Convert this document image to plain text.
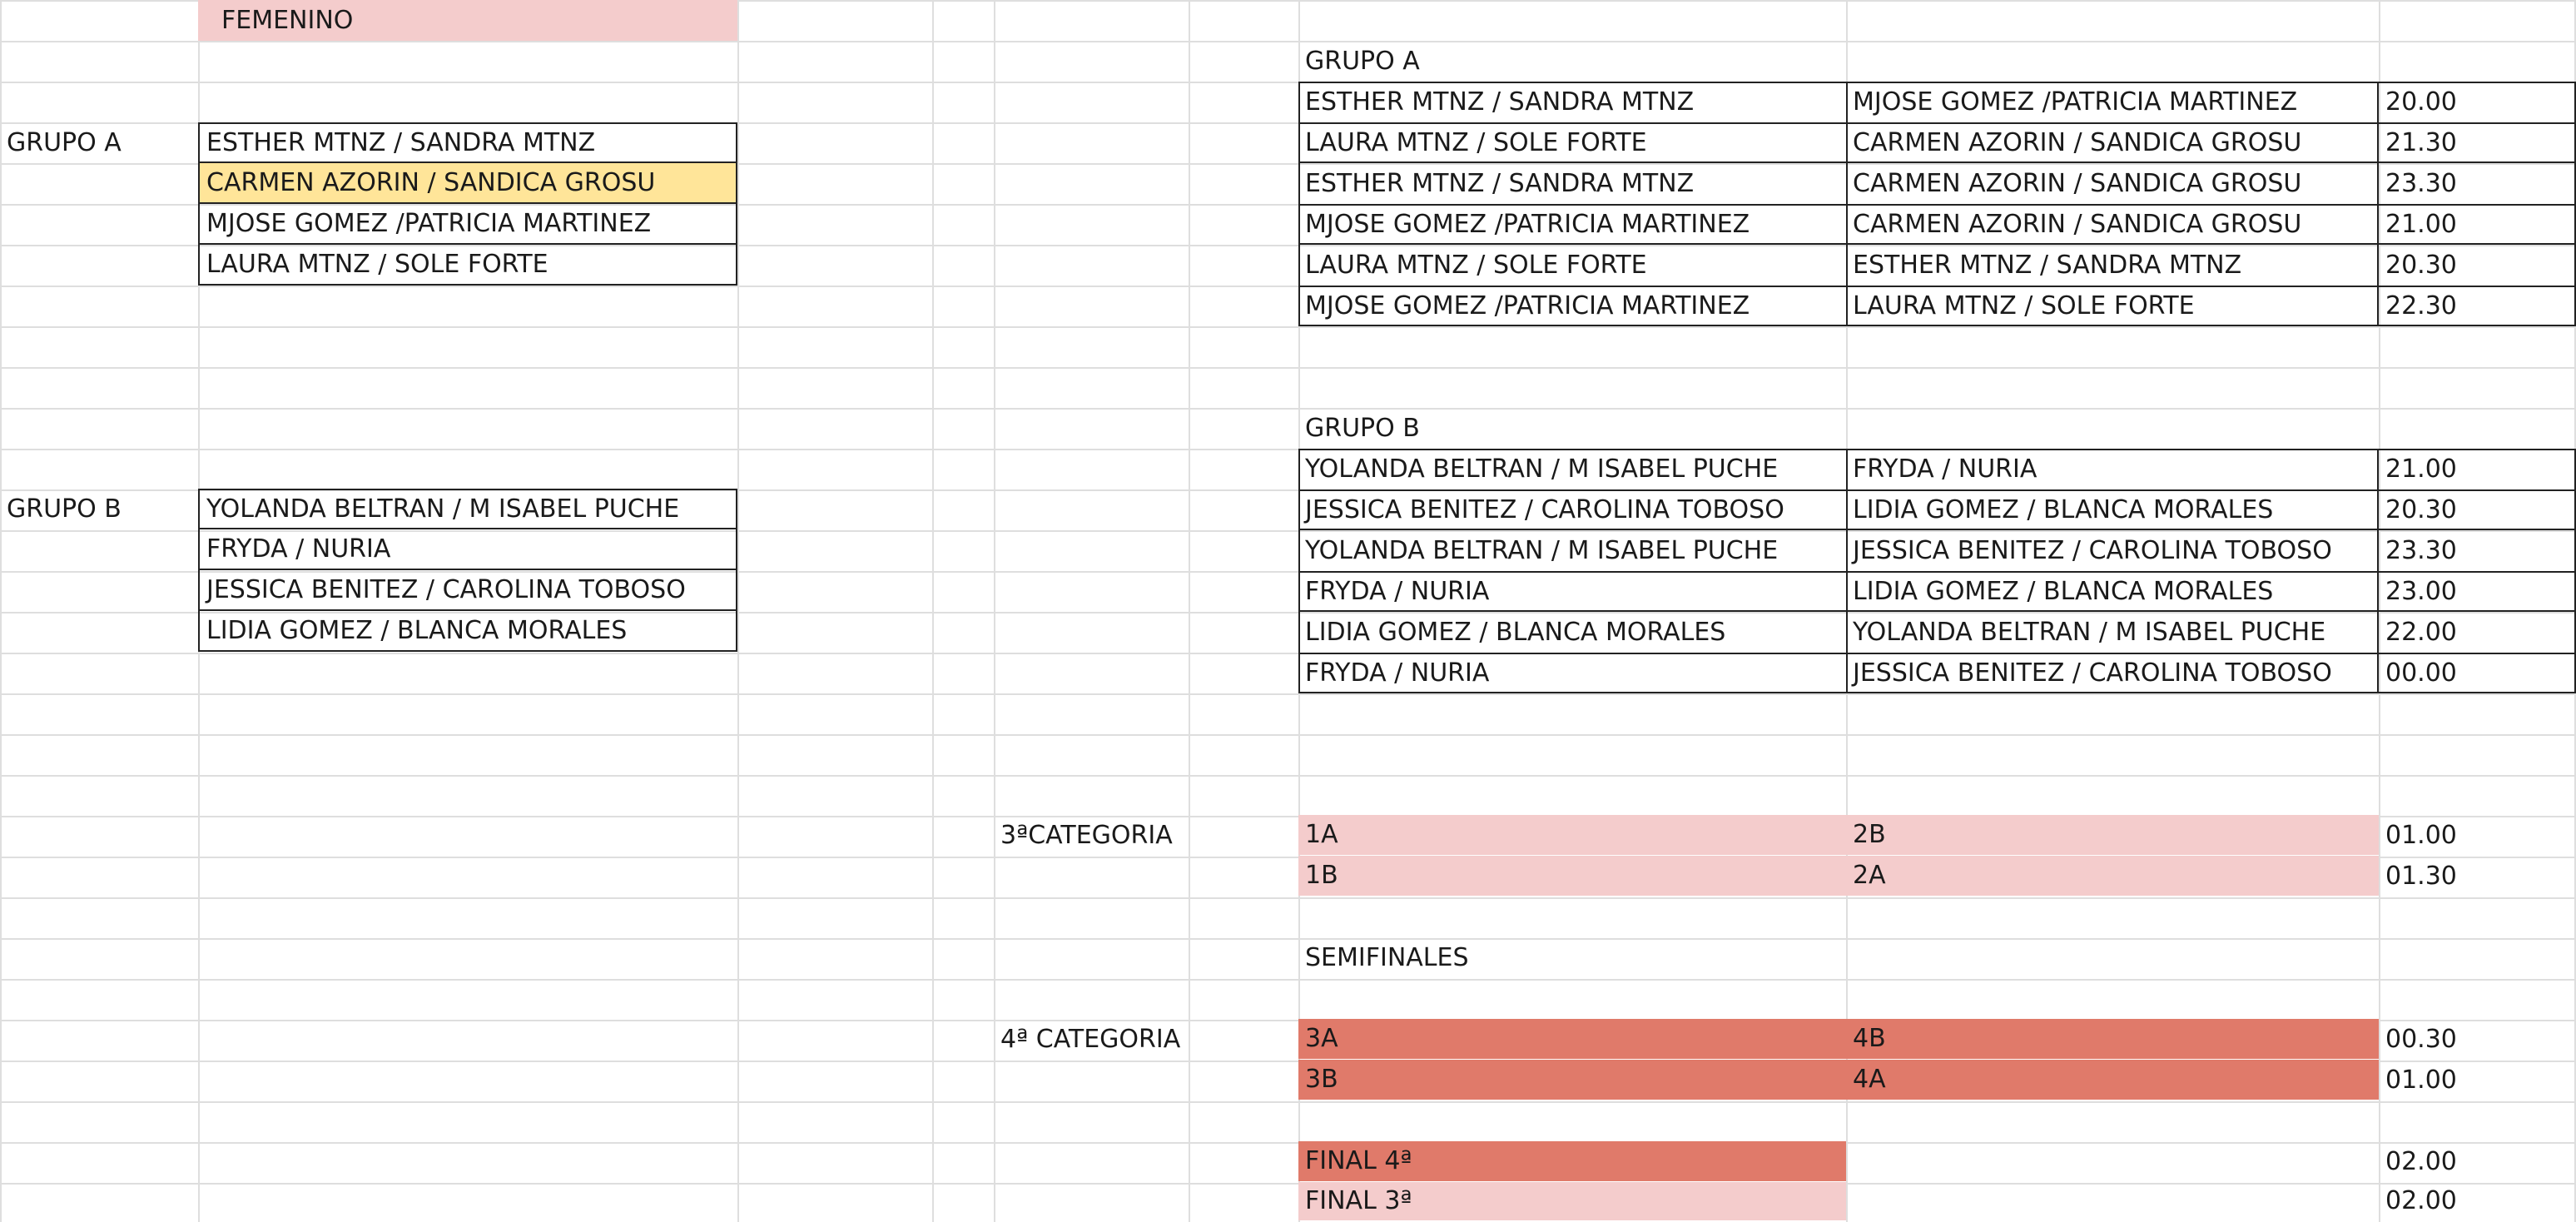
FEMENINO
GRUPO A	ESTHER MTNZ / SANDRA MTNZ
CARMEN AZORIN / SANDICA GROSU
MJOSE GOMEZ /PATRICIA MARTINEZ
LAURA MTNZ / SOLE FORTE
GRUPO B	YOLANDA BELTRAN / M ISABEL PUCHE
FRYDA / NURIA
JESSICA BENITEZ / CAROLINA TOBOSO
LIDIA GOMEZ / BLANCA MORALES
GRUPO A
ESTHER MTNZ / SANDRA MTNZ	MJOSE GOMEZ /PATRICIA MARTINEZ	20.00
LAURA MTNZ / SOLE FORTE	CARMEN AZORIN / SANDICA GROSU	21.30
ESTHER MTNZ / SANDRA MTNZ	CARMEN AZORIN / SANDICA GROSU	23.30
MJOSE GOMEZ /PATRICIA MARTINEZ	CARMEN AZORIN / SANDICA GROSU	21.00
LAURA MTNZ / SOLE FORTE	ESTHER MTNZ / SANDRA MTNZ	20.30
MJOSE GOMEZ /PATRICIA MARTINEZ	LAURA MTNZ / SOLE FORTE	22.30
GRUPO B
YOLANDA BELTRAN / M ISABEL PUCHE	FRYDA / NURIA	21.00
JESSICA BENITEZ / CAROLINA TOBOSO	LIDIA GOMEZ / BLANCA MORALES	20.30
YOLANDA BELTRAN / M ISABEL PUCHE	JESSICA BENITEZ / CAROLINA TOBOSO	23.30
FRYDA / NURIA	LIDIA GOMEZ / BLANCA MORALES	23.00
LIDIA GOMEZ / BLANCA MORALES	YOLANDA BELTRAN / M ISABEL PUCHE	22.00
FRYDA / NURIA	JESSICA BENITEZ / CAROLINA TOBOSO	00.00
3ªCATEGORIA	1A	2B	01.00
1B	2A	01.30
SEMIFINALES
4ª CATEGORIA	3A	4B	00.30
3B	4A	01.00
FINAL 4ª	02.00
FINAL 3ª	02.00
